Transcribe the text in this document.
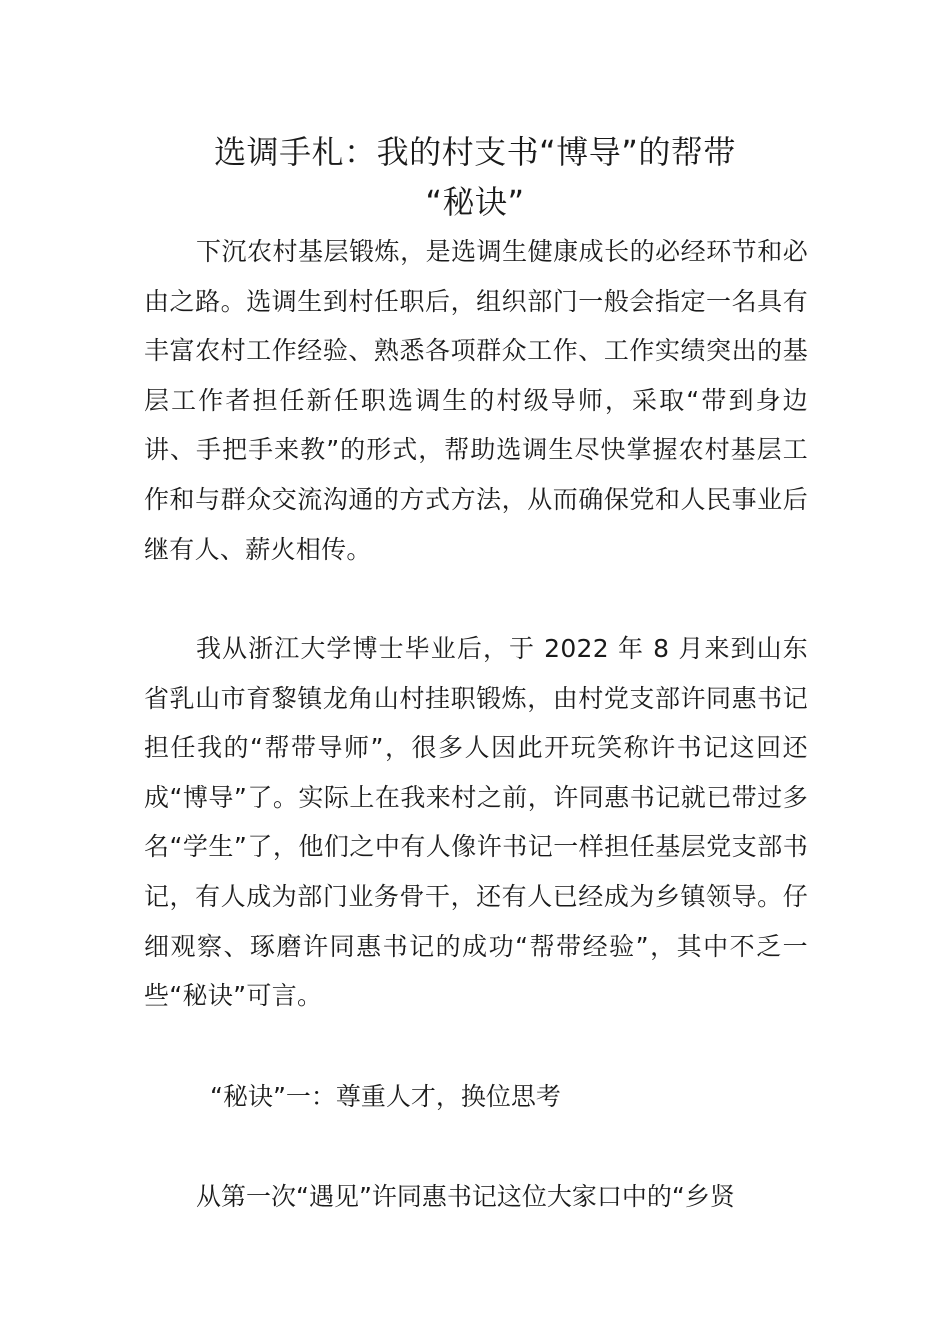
选调手札：我的村支书“博导”的帮带
“秘诀”

下沉农村基层锻炼，是选调生健康成长的必经环节和必由之路。选调生到村任职后，组织部门一般会指定一名具有丰富农村工作经验、熟悉各项群众工作、工作实绩突出的基层工作者担任新任职选调生的村级导师，采取“带到身边讲、手把手来教”的形式，帮助选调生尽快掌握农村基层工作和与群众交流沟通的方式方法，从而确保党和人民事业后继有人、薪火相传。

我从浙江大学博士毕业后，于 2022 年 8 月来到山东省乳山市育黎镇龙角山村挂职锻炼，由村党支部许同惠书记担任我的“帮带导师”，很多人因此开玩笑称许书记这回还成“博导”了。实际上在我来村之前，许同惠书记就已带过多名“学生”了，他们之中有人像许书记一样担任基层党支部书记，有人成为部门业务骨干，还有人已经成为乡镇领导。仔细观察、琢磨许同惠书记的成功“帮带经验”，其中不乏一些“秘诀”可言。

“秘诀”一：尊重人才，换位思考

从第一次“遇见”许同惠书记这位大家口中的“乡贤
